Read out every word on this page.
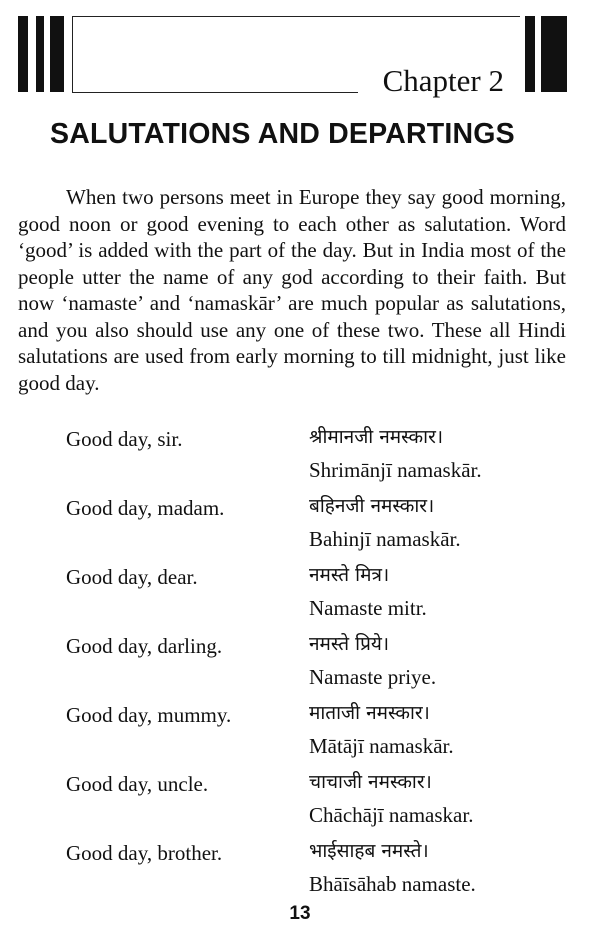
Chapter 2
SALUTATIONS AND DEPARTINGS

When two persons meet in Europe they say good morning, good noon or good evening to each other as salutation. Word ‘good’ is added with the part of the day. But in India most of the people utter the name of any god according to their faith. But now ‘namaste’ and ‘namaskār’ are much popular as salutations, and you also should use any one of these two. These all Hindi salutations are used from early morning to till midnight, just like good day.

Good day, sir.	श्रीमानजी नमस्कार।
Shrimānjī namaskār.
Good day, madam.	बहिनजी नमस्कार।
Bahinjī namaskār.
Good day, dear.	नमस्ते मित्र।
Namaste mitr.
Good day, darling.	नमस्ते प्रिये।
Namaste priye.
Good day, mummy.	माताजी नमस्कार।
Mātājī namaskār.
Good day, uncle.	चाचाजी नमस्कार।
Chāchājī namaskar.
Good day, brother.	भाईसाहब नमस्ते।
Bhāīsāhab namaste.
13
